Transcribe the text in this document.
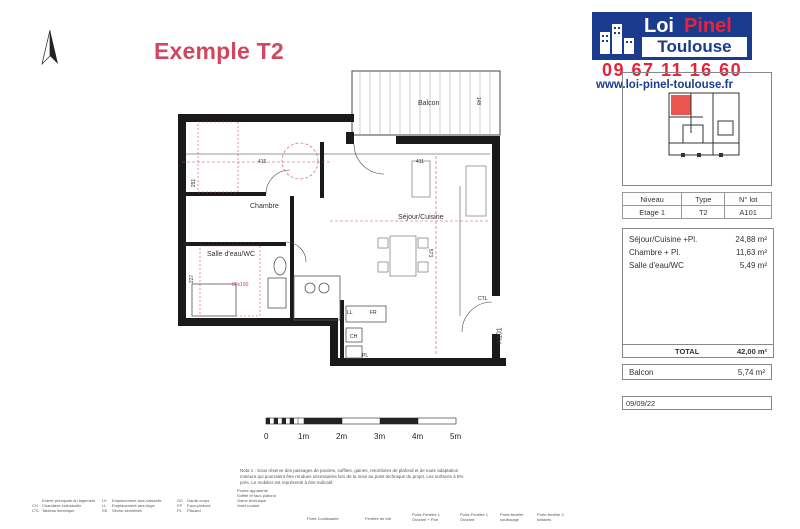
Exemple T2
Loi Pinel
Toulouse
09 67 11 16 60
www.loi-pinel-toulouse.fr
Niveau	Type	N° lot
Etage 1	T2	A101
Séjour/Cuisine +Pl.	24,88 m²
Chambre + Pl.	11,63 m²
Salle d'eau/WC	5,49 m²
TOTAL	42,00 m²
Balcon	5,74 m²
09/09/22
Balcon
Chambre
Séjour/Cuisine
Salle d'eau/WC
A101
415	411
573
148
291
80x190
227
55
LL	FR
CH
PL
CTL
0	1m	2m	3m	4m	5m
Nota 1 : Sous réserve des passages de poutres, soffites, gaines, retombées de plafond et de toute adaptation mineure qui pourraient être rendues nécessaires lors de la mise au point technique du projet. Les surfaces à 5% près. Le mobilier est représenté à titre indicatif.
Entrée principale du logement
CH Chaudière individuelle
CTL Tableau électrique
LV Emplacement lave-vaisselle
LL Emplacement lave-linge
SS Sèche-serviettes
GC Garde-corps
FP Faux-plafond
PL Placard
Poutre apparente
Soffite et faux-plafond
Gaine technique
Volet roulant
Porte Coulissante	Fenêtre de toit
Porte-Fenêtre 1 Ouvrant + Fixe
Porte-Fenêtre 1 Ouvrant
Porte-fenêtre coulissage
Porte-fenêtre 2 battants
